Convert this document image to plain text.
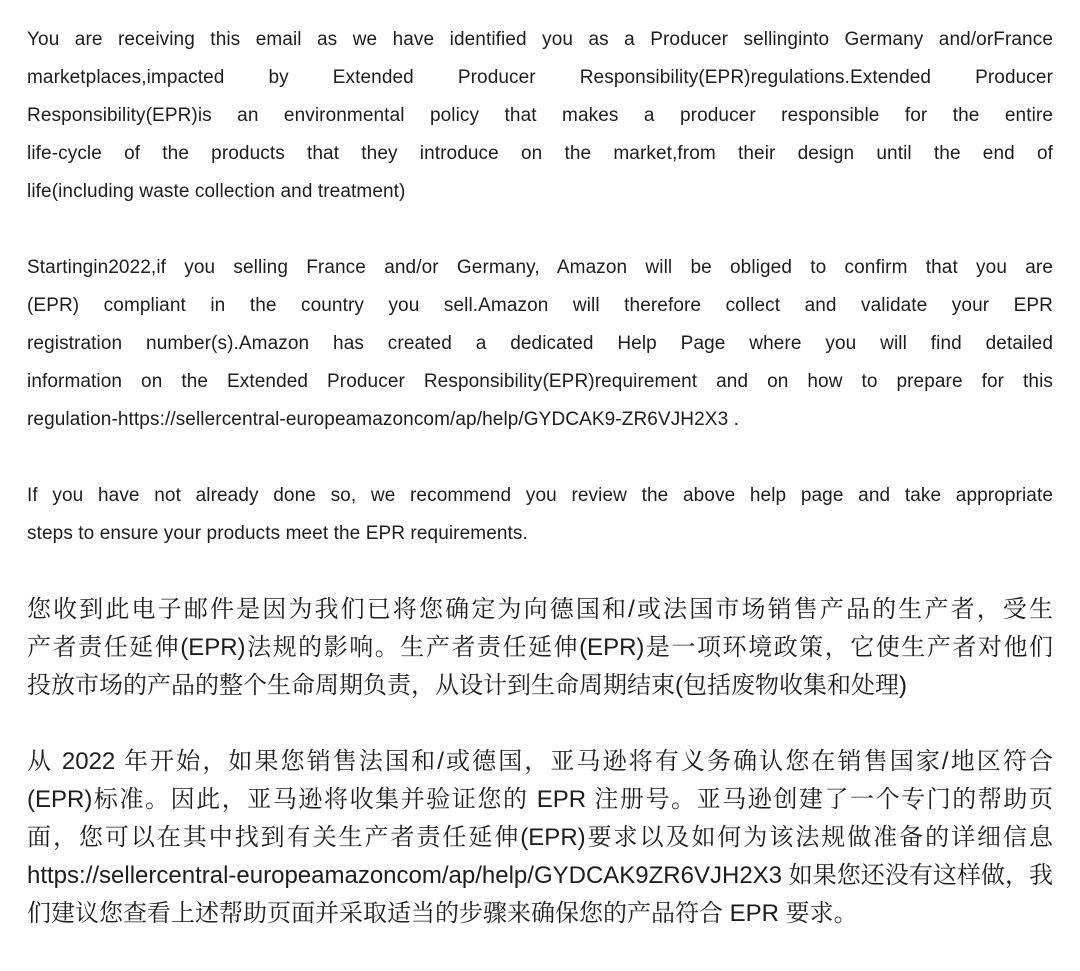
You are receiving this email as we have identified you as a Producer sellinginto Germany and/orFrance
marketplaces,impacted by Extended Producer Responsibility(EPR)regulations.Extended Producer
Responsibility(EPR)is an environmental policy that makes a producer responsible for the entire
life-cycle of the products that they introduce on the market,from their design until the end of
life(including waste collection and treatment)
Startingin2022,if you selling France and/or Germany, Amazon will be obliged to confirm that you are
(EPR) compliant in the country you sell.Amazon will therefore collect and validate your EPR
registration number(s).Amazon has created a dedicated Help Page where you will find detailed
information on the Extended Producer Responsibility(EPR)requirement and on how to prepare for this
regulation-https://sellercentral-europeamazoncom/ap/help/GYDCAK9-ZR6VJH2X3 .
If you have not already done so, we recommend you review the above help page and take appropriate
steps to ensure your products meet the EPR requirements.
您收到此电子邮件是因为我们已将您确定为向德国和/或法国市场销售产品的生产者，受生
产者责任延伸(EPR)法规的影响。生产者责任延伸(EPR)是一项环境政策，它使生产者对他们
投放市场的产品的整个生命周期负责，从设计到生命周期结束(包括废物收集和处理)
从 2022 年开始，如果您销售法国和/或德国，亚马逊将有义务确认您在销售国家/地区符合
(EPR)标准。因此，亚马逊将收集并验证您的 EPR 注册号。亚马逊创建了一个专门的帮助页
面，您可以在其中找到有关生产者责任延伸(EPR)要求以及如何为该法规做准备的详细信息
https://sellercentral-europeamazoncom/ap/help/GYDCAK9ZR6VJH2X3 如果您还没有这样做，我
们建议您查看上述帮助页面并采取适当的步骤来确保您的产品符合 EPR 要求。
